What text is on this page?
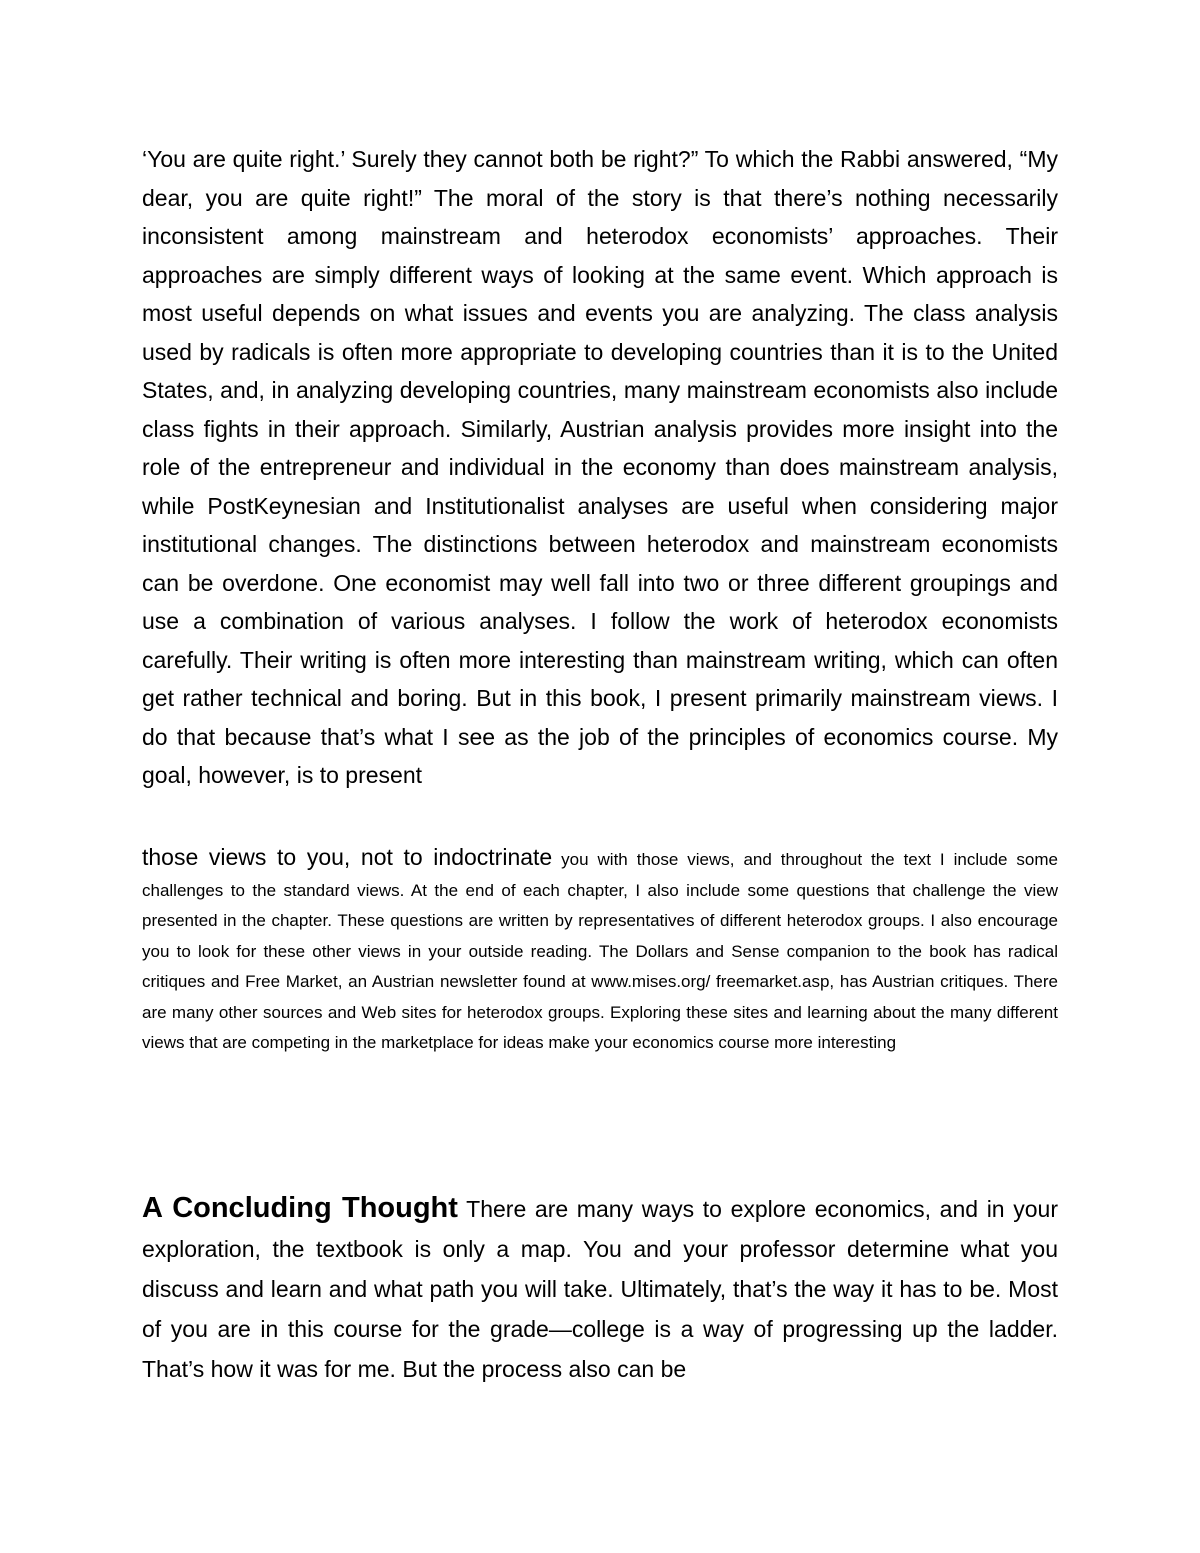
‘You are quite right.’ Surely they cannot both be right?” To which the Rabbi answered, “My dear, you are quite right!” The moral of the story is that there’s nothing necessarily inconsistent among mainstream and heterodox economists’ approaches. Their approaches are simply different ways of looking at the same event. Which approach is most useful depends on what issues and events you are analyzing. The class analysis used by radicals is often more appropriate to developing countries than it is to the United States, and, in analyzing developing countries, many mainstream economists also include class fights in their approach. Similarly, Austrian analysis provides more insight into the role of the entrepreneur and individual in the economy than does mainstream analysis, while PostKeynesian and Institutionalist analyses are useful when considering major institutional changes. The distinctions between heterodox and mainstream economists can be overdone. One economist may well fall into two or three different groupings and use a combination of various analyses. I follow the work of heterodox economists carefully. Their writing is often more interesting than mainstream writing, which can often get rather technical and boring. But in this book, I present primarily mainstream views. I do that because that’s what I see as the job of the principles of economics course. My goal, however, is to present

those views to you, not to indoctrinate you with those views, and throughout the text I include some challenges to the standard views. At the end of each chapter, I also include some questions that challenge the view presented in the chapter. These questions are written by representatives of different heterodox groups. I also encourage you to look for these other views in your outside reading. The Dollars and Sense companion to the book has radical critiques and Free Market, an Austrian newsletter found at www.mises.org/ freemarket.asp, has Austrian critiques. There are many other sources and Web sites for heterodox groups. Exploring these sites and learning about the many different views that are competing in the marketplace for ideas make your economics course more interesting

A Concluding Thought There are many ways to explore economics, and in your exploration, the textbook is only a map. You and your professor determine what you discuss and learn and what path you will take. Ultimately, that’s the way it has to be. Most of you are in this course for the grade—college is a way of progressing up the ladder. That’s how it was for me. But the process also can be
